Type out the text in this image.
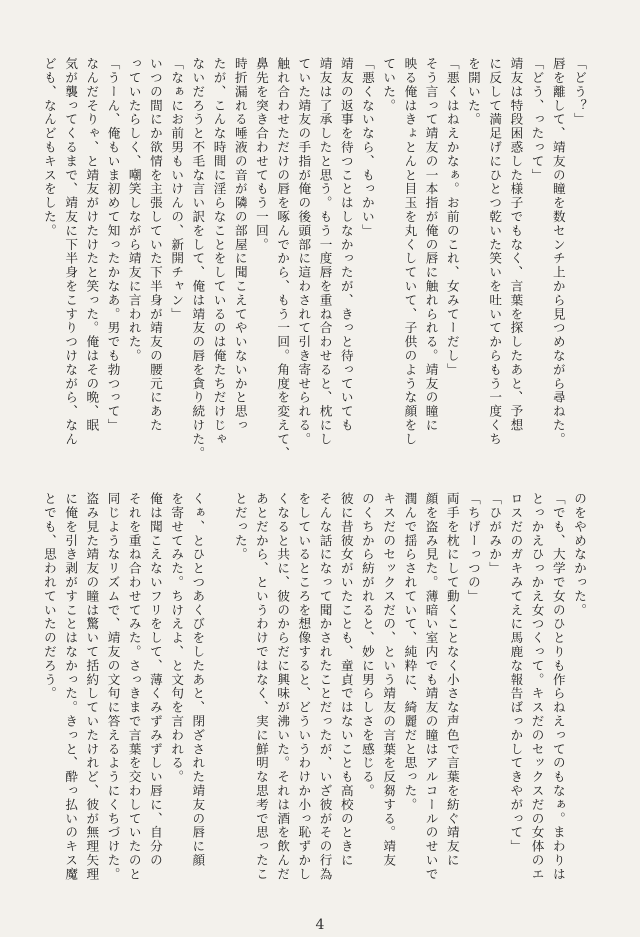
「どう？」
唇を離して、靖友の瞳を数センチ上から見つめながら尋ねた。
「どう、ったって」
靖友は特段困惑した様子でもなく、言葉を探したあと、予想
に反して満足げにひとつ乾いた笑いを吐いてからもう一度くち
を開いた。
「悪くはねえかなぁ。お前のこれ、女みてーだし」
そう言って靖友の一本指が俺の唇に触れられる。靖友の瞳に
映る俺はきょとんと目玉を丸くしていて、子供のような顔をし
ていた。
「悪くないなら、もっかい」
靖友の返事を待つことはしなかったが、きっと待っていても
靖友は了承したと思う。もう一度唇を重ね合わせると、枕にし
ていた靖友の手指が俺の後頭部に這わされて引き寄せられる。
触れ合わせただけの唇を啄んでから、もう一回。角度を変えて、
鼻先を突き合わせてもう一回。
時折漏れる唾液の音が隣の部屋に聞こえてやいないかと思っ
たが、こんな時間に淫らなことをしているのは俺たちだけじゃ
ないだろうと不毛な言い訳をして、俺は靖友の唇を貪り続けた。
「なぁにお前男もいけんの、新開チャン」
いつの間にか欲情を主張していた下半身が靖友の腰元にあた
っていたらしく、嘲笑しながら靖友に言われた。
「うーん、俺もいま初めて知ったかなあ。男でも勃つって」
なんだそりゃ、と靖友がけたけたと笑った。俺はその晩、眠
気が襲ってくるまで、靖友に下半身をこすりつけながら、なん
ども、なんどもキスをした。
のをやめなかった。
「でも、大学で女のひとりも作らねえってのもなぁ。まわりは
とっかえひっかえ女つくって。キスだのセックスだの女体のエ
ロスだのガキみてえに馬鹿な報告ばっかしてきやがって」
「ひがみか」
「ちげーっつの」
両手を枕にして動くことなく小さな声色で言葉を紡ぐ靖友に
顔を盗み見た。薄暗い室内でも靖友の瞳はアルコールのせいで
潤んで揺らされていて、純粋に、綺麗だと思った。
キスだのセックスだの、という靖友の言葉を反芻する。靖友
のくちから紡がれると、妙に男らしさを感じる。
彼に昔彼女がいたことも、童貞ではないことも高校のときに
そんな話になって聞かされたことだったが、いざ彼がその行為
をしているところを想像すると、どういうわけか小っ恥ずかし
くなると共に、彼のからだに興味が沸いた。それは酒を飲んだ
あとだから、というわけではなく、実に鮮明な思考で思ったこ
とだった。

くぁ、とひとつあくびをしたあと、閉ざされた靖友の唇に顔
を寄せてみた。ちけえよ、と文句を言われる。
俺は聞こえないフリをして、薄くみずみずしい唇に、自分の
それを重ね合わせてみた。さっきまで言葉を交わしていたのと
同じようなリズムで、靖友の文句に答えるようにくちづけた。
盗み見た靖友の瞳は驚いて括約していたけれど、彼が無理矢理
に俺を引き剥がすことはなかった。きっと、酔っ払いのキス魔
とでも、思われていたのだろう。
4
